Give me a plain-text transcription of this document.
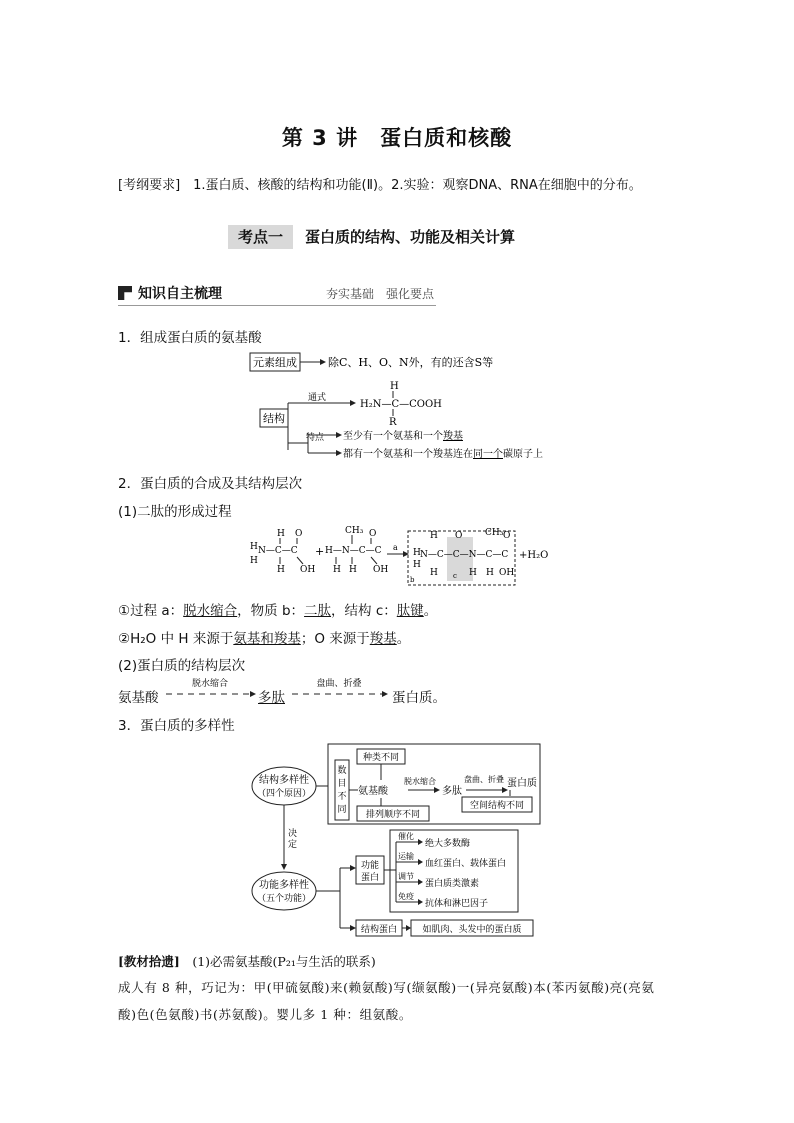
第 3 讲　蛋白质和核酸
[考纲要求]　1.蛋白质、核酸的结构和功能(Ⅱ)。2.实验：观察DNA、RNA在细胞中的分布。
考点一 蛋白质的结构、功能及相关计算
知识自主梳理	夯实基础　强化要点
1．组成蛋白质的氨基酸
元素组成	除C、H、O、N外，有的还含S等
结构
通式
H
H₂N—C—COOH
R
特点 至少有一个氨基和一个羧基
都有一个氨基和一个羧基连在同一个碳原子上
2．蛋白质的合成及其结构层次
(1)二肽的形成过程
H O
H N—C—C
H
H OH
+
CH₃ O
H—N—C—C
H H OH
a
H O	CH₃ O
H N—C—C—N—C—C
H
H	H H OH
b	c
+H₂O
①过程 a：脱水缩合，物质 b：二肽，结构 c：肽键。
②H₂O 中 H 来源于氨基和羧基；O 来源于羧基。
(2)蛋白质的结构层次
氨基酸
脱水缩合
多肽
盘曲、折叠
蛋白质。
3．蛋白质的多样性
结构多样性
（四个原因）
数
目
不
同
种类不同
氨基酸
排列顺序不同
脱水缩合
多肽
盘曲、折叠 蛋白质
空间结构不同
决
定
功能多样性
（五个功能）
功能
蛋白
催化
绝大多数酶
运输
血红蛋白、载体蛋白
调节
蛋白质类激素
免疫
抗体和淋巴因子
结构蛋白	如肌肉、头发中的蛋白质
[教材拾遗]　(1)必需氨基酸(P₂₁与生活的联系)
成人有 8 种，巧记为：甲(甲硫氨酸)来(赖氨酸)写(缬氨酸)一(异亮氨酸)本(苯丙氨酸)亮(亮氨
酸)色(色氨酸)书(苏氨酸)。婴儿多 1 种：组氨酸。
